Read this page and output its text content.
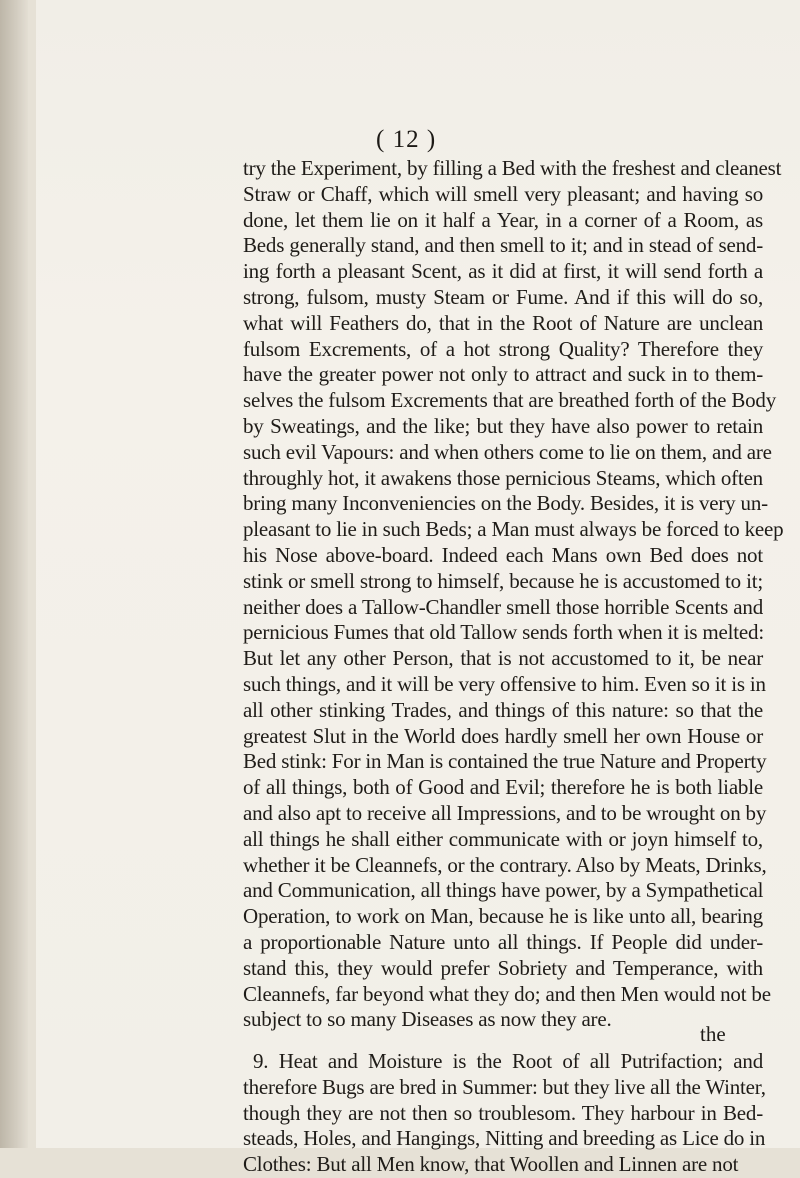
( 12 )
try the Experiment, by filling a Bed with the freshest and cleanest
Straw or Chaff, which will smell very pleasant; and having so
done, let them lie on it half a Year, in a corner of a Room, as
Beds generally stand, and then smell to it; and in stead of send-
ing forth a pleasant Scent, as it did at first, it will send forth a
strong, fulsom, musty Steam or Fume. And if this will do so,
what will Feathers do, that in the Root of Nature are unclean
fulsom Excrements, of a hot strong Quality? Therefore they
have the greater power not only to attract and suck in to them-
selves the fulsom Excrements that are breathed forth of the Body
by Sweatings, and the like; but they have also power to retain
such evil Vapours: and when others come to lie on them, and are
throughly hot, it awakens those pernicious Steams, which often
bring many Inconveniencies on the Body. Besides, it is very un-
pleasant to lie in such Beds; a Man must always be forced to keep
his Nose above-board. Indeed each Mans own Bed does not
stink or smell strong to himself, because he is accustomed to it;
neither does a Tallow-Chandler smell those horrible Scents and
pernicious Fumes that old Tallow sends forth when it is melted:
But let any other Person, that is not accustomed to it, be near
such things, and it will be very offensive to him. Even so it is in
all other stinking Trades, and things of this nature: so that the
greatest Slut in the World does hardly smell her own House or
Bed stink: For in Man is contained the true Nature and Property
of all things, both of Good and Evil; therefore he is both liable
and also apt to receive all Impressions, and to be wrought on by
all things he shall either communicate with or joyn himself to,
whether it be Cleannefs, or the contrary. Also by Meats, Drinks,
and Communication, all things have power, by a Sympathetical
Operation, to work on Man, because he is like unto all, bearing
a proportionable Nature unto all things. If People did under-
stand this, they would prefer Sobriety and Temperance, with
Cleannefs, far beyond what they do; and then Men would not be
subject to so many Diseases as now they are.
9. Heat and Moisture is the Root of all Putrifaction; and
therefore Bugs are bred in Summer: but they live all the Winter,
though they are not then so troublesom. They harbour in Bed-
steads, Holes, and Hangings, Nitting and breeding as Lice do in
Clothes: But all Men know, that Woollen and Linnen are not
the
